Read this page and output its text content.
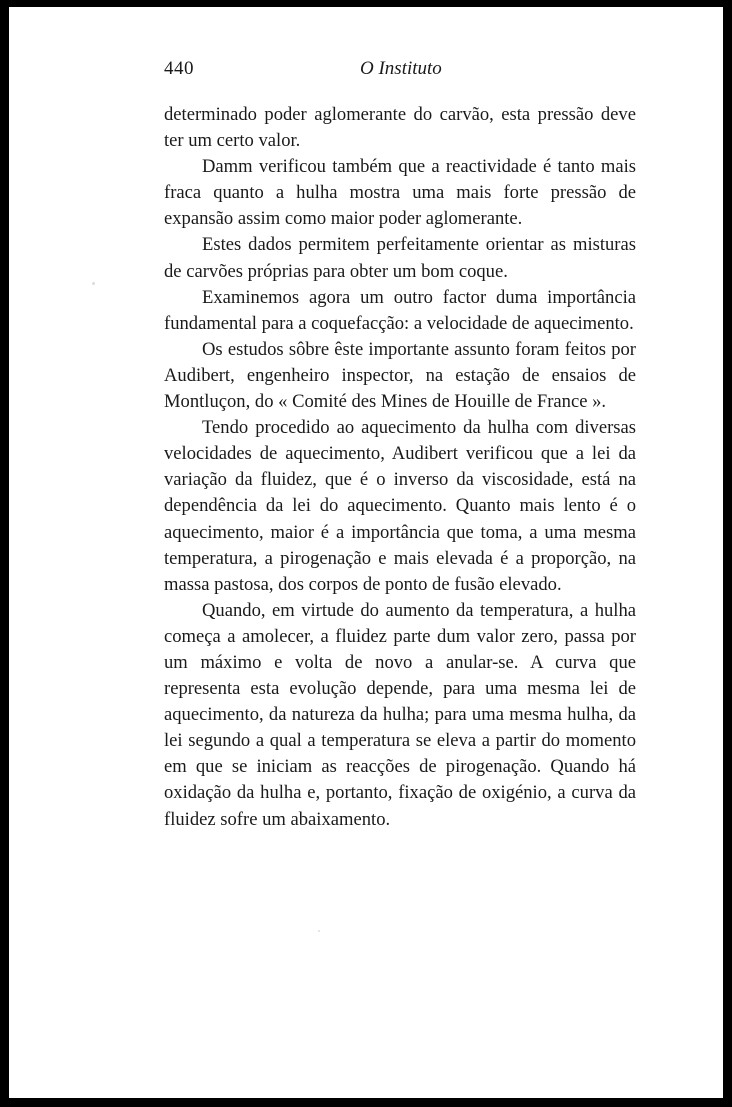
440	O Instituto

determinado poder aglomerante do carvão, esta pressão deve ter um certo valor.

Damm verificou também que a reactividade é tanto mais fraca quanto a hulha mostra uma mais forte pressão de expansão assim como maior poder aglomerante.

Estes dados permitem perfeitamente orientar as misturas de carvões próprias para obter um bom coque.

Examinemos agora um outro factor duma importância fundamental para a coquefacção: a velocidade de aquecimento.

Os estudos sôbre êste importante assunto foram feitos por Audibert, engenheiro inspector, na estação de ensaios de Montluçon, do « Comité des Mines de Houille de France ».

Tendo procedido ao aquecimento da hulha com diversas velocidades de aquecimento, Audibert verificou que a lei da variação da fluidez, que é o inverso da viscosidade, está na dependência da lei do aquecimento. Quanto mais lento é o aquecimento, maior é a importância que toma, a uma mesma temperatura, a pirogenação e mais elevada é a proporção, na massa pastosa, dos corpos de ponto de fusão elevado.

Quando, em virtude do aumento da temperatura, a hulha começa a amolecer, a fluidez parte dum valor zero, passa por um máximo e volta de novo a anular-se. A curva que representa esta evolução depende, para uma mesma lei de aquecimento, da natureza da hulha; para uma mesma hulha, da lei segundo a qual a temperatura se eleva a partir do momento em que se iniciam as reacções de pirogenação. Quando há oxidação da hulha e, portanto, fixação de oxigénio, a curva da fluidez sofre um abaixamento.
